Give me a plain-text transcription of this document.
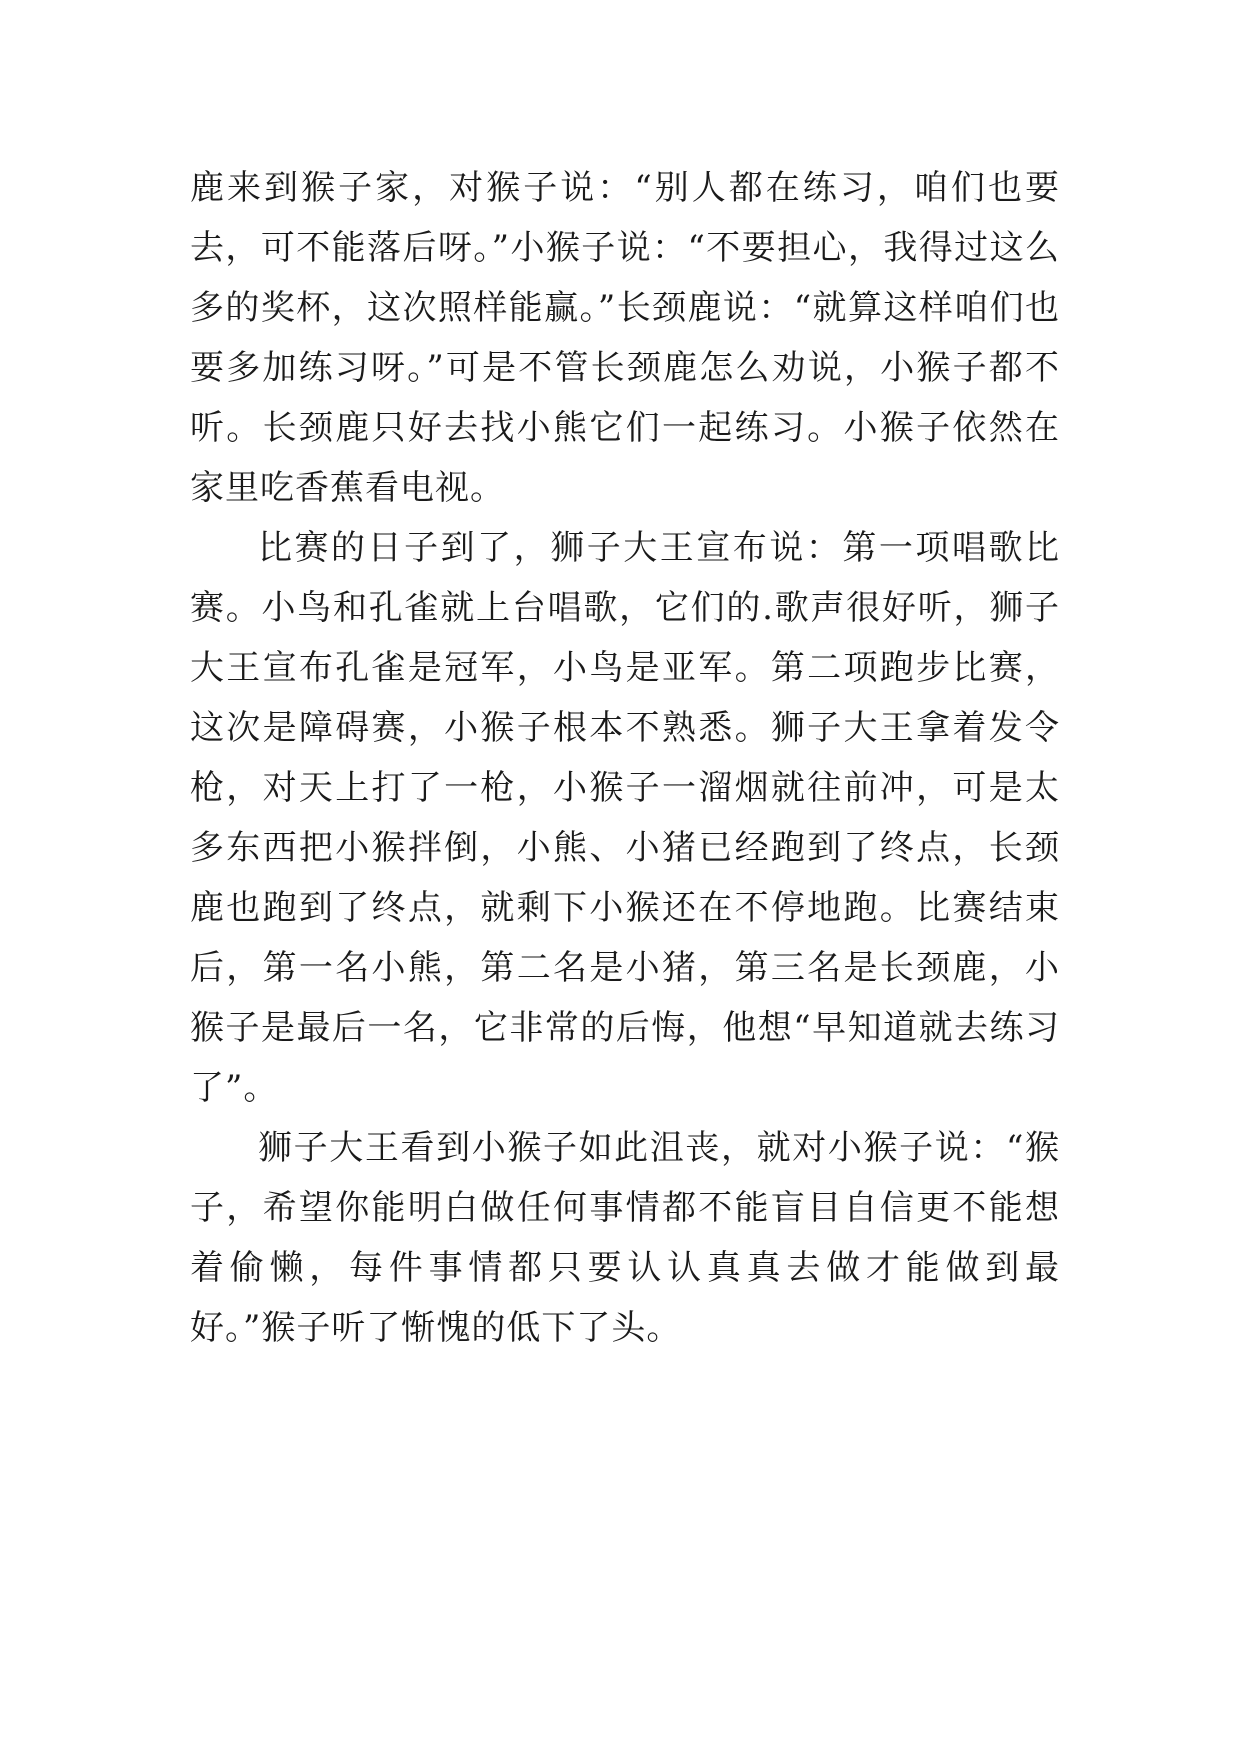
鹿来到猴子家，对猴子说：“别人都在练习，咱们也要去，可不能落后呀。”小猴子说：“不要担心，我得过这么多的奖杯，这次照样能赢。”长颈鹿说：“就算这样咱们也要多加练习呀。”可是不管长颈鹿怎么劝说，小猴子都不听。长颈鹿只好去找小熊它们一起练习。小猴子依然在家里吃香蕉看电视。

比赛的日子到了，狮子大王宣布说：第一项唱歌比赛。小鸟和孔雀就上台唱歌，它们的.歌声很好听，狮子大王宣布孔雀是冠军，小鸟是亚军。第二项跑步比赛，这次是障碍赛，小猴子根本不熟悉。狮子大王拿着发令枪，对天上打了一枪，小猴子一溜烟就往前冲，可是太多东西把小猴拌倒，小熊、小猪已经跑到了终点，长颈鹿也跑到了终点，就剩下小猴还在不停地跑。比赛结束后，第一名小熊，第二名是小猪，第三名是长颈鹿，小猴子是最后一名，它非常的后悔，他想“早知道就去练习了”。

狮子大王看到小猴子如此沮丧，就对小猴子说：“猴子，希望你能明白做任何事情都不能盲目自信更不能想着偷懒，每件事情都只要认认真真去做才能做到最好。”猴子听了惭愧的低下了头。
